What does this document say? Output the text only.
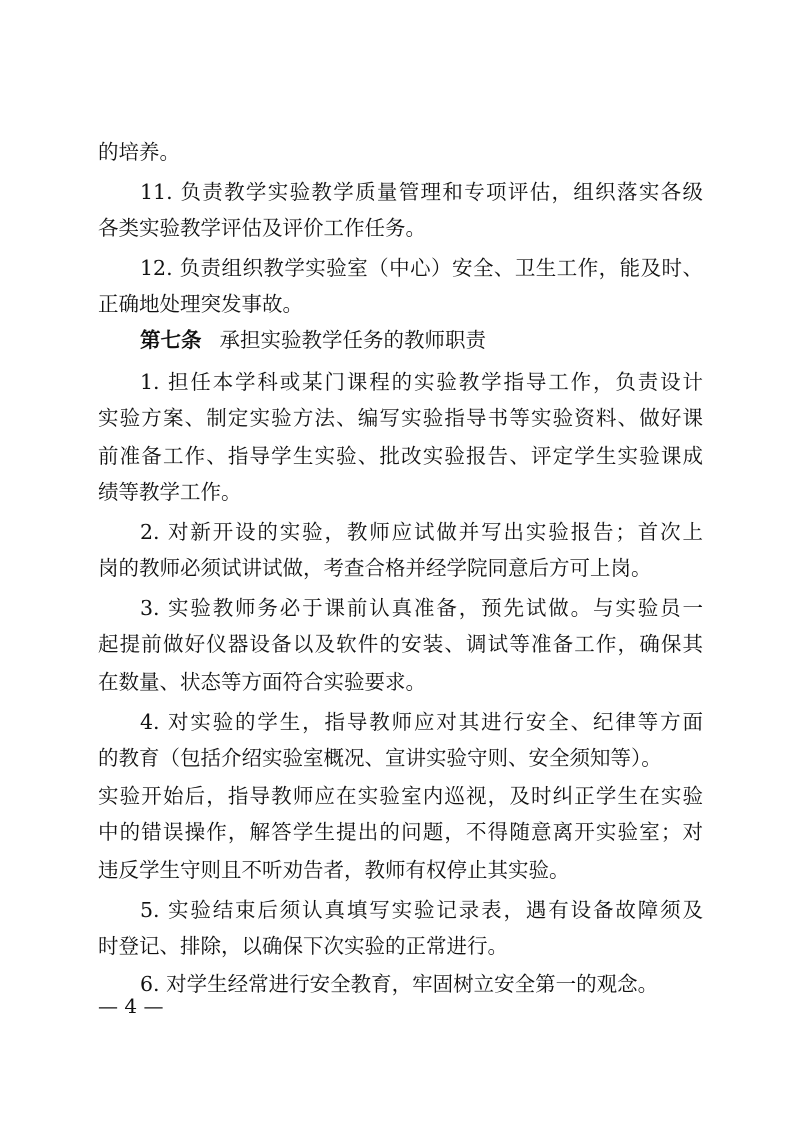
的培养。
11. 负责教学实验教学质量管理和专项评估，组织落实各级
各类实验教学评估及评价工作任务。
12. 负责组织教学实验室（中心）安全、卫生工作，能及时、
正确地处理突发事故。
第七条 承担实验教学任务的教师职责
1. 担任本学科或某门课程的实验教学指导工作，负责设计
实验方案、制定实验方法、编写实验指导书等实验资料、做好课
前准备工作、指导学生实验、批改实验报告、评定学生实验课成
绩等教学工作。
2. 对新开设的实验，教师应试做并写出实验报告；首次上
岗的教师必须试讲试做，考查合格并经学院同意后方可上岗。
3. 实验教师务必于课前认真准备，预先试做。与实验员一
起提前做好仪器设备以及软件的安装、调试等准备工作，确保其
在数量、状态等方面符合实验要求。
4. 对实验的学生，指导教师应对其进行安全、纪律等方面
的教育（包括介绍实验室概况、宣讲实验守则、安全须知等）。
实验开始后，指导教师应在实验室内巡视，及时纠正学生在实验
中的错误操作，解答学生提出的问题，不得随意离开实验室；对
违反学生守则且不听劝告者，教师有权停止其实验。
5. 实验结束后须认真填写实验记录表，遇有设备故障须及
时登记、排除，以确保下次实验的正常进行。
6. 对学生经常进行安全教育，牢固树立安全第一的观念。
— 4 —
